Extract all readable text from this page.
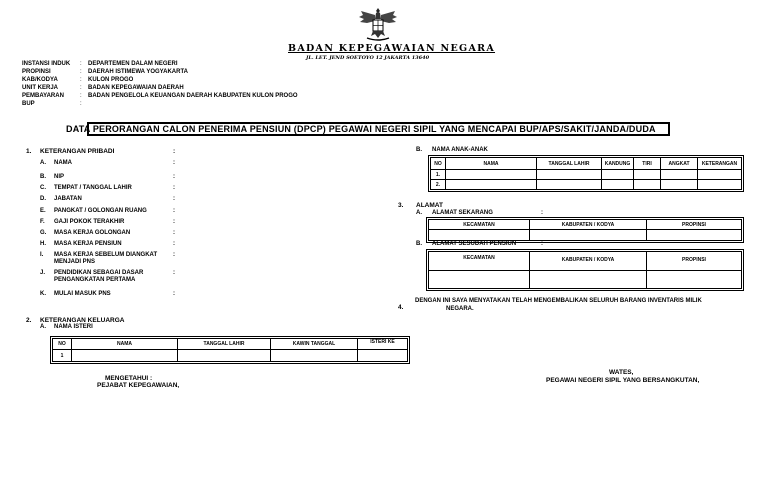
BADAN KEPEGAWAIAN NEGARA
JL. LET. JEND SOETOYO 12 JAKARTA 13640
INSTANSI INDUK : DEPARTEMEN DALAM NEGERI
PROPINSI	: DAERAH ISTIMEWA YOGYAKARTA
KAB/KODYA	: KULON PROGO
UNIT KERJA	: BADAN KEPEGAWAIAN DAERAH
PEMBAYARAN	: BADAN PENGELOLA KEUANGAN DAERAH KABUPATEN KULON PROGO
BUP	:
DATA PERORANGAN CALON PENERIMA PENSIUN (DPCP) PEGAWAI NEGERI SIPIL YANG MENCAPAI BUP/APS/SAKIT/JANDA/DUDA
1. KETERANGAN PRIBADI	:
A. NAMA	:
B. NIP	:
C. TEMPAT / TANGGAL LAHIR	:
D. JABATAN	:
E. PANGKAT / GOLONGAN RUANG	:
F. GAJI POKOK TERAKHIR	:
G. MASA KERJA GOLONGAN	:
H. MASA KERJA PENSIUN	:
I. MASA KERJA SEBELUM DIANGKAT MENJADI PNS
:
J. PENDIDIKAN SEBAGAI DASAR PENGANGKATAN PERTAMA
:
K. MULAI MASUK PNS	:
2. KETERANGAN KELUARGA
A. NAMA ISTERI
NO	NAMA	TANGGAL LAHIR	KAWIN TANGGAL	ISTERI KE
1				
B. NAMA ANAK-ANAK
NO	NAMA	TANGGAL LAHIR	KANDUNG	TIRI	ANGKAT	KETERANGAN
1.						
2.						
3. ALAMAT
A. ALAMAT SEKARANG	:
KECAMATAN	KABUPATEN / KODYA	PROPINSI

B. ALAMAT SESUDAH PENSIUN	:
KECAMATAN	KABUPATEN / KODYA	PROPINSI

4.
DENGAN INI SAYA MENYATAKAN TELAH MENGEMBALIKAN SELURUH BARANG INVENTARIS MILIK
NEGARA.
MENGETAHUI :
PEJABAT KEPEGAWAIAN,
WATES,
PEGAWAI NEGERI SIPIL YANG BERSANGKUTAN,
